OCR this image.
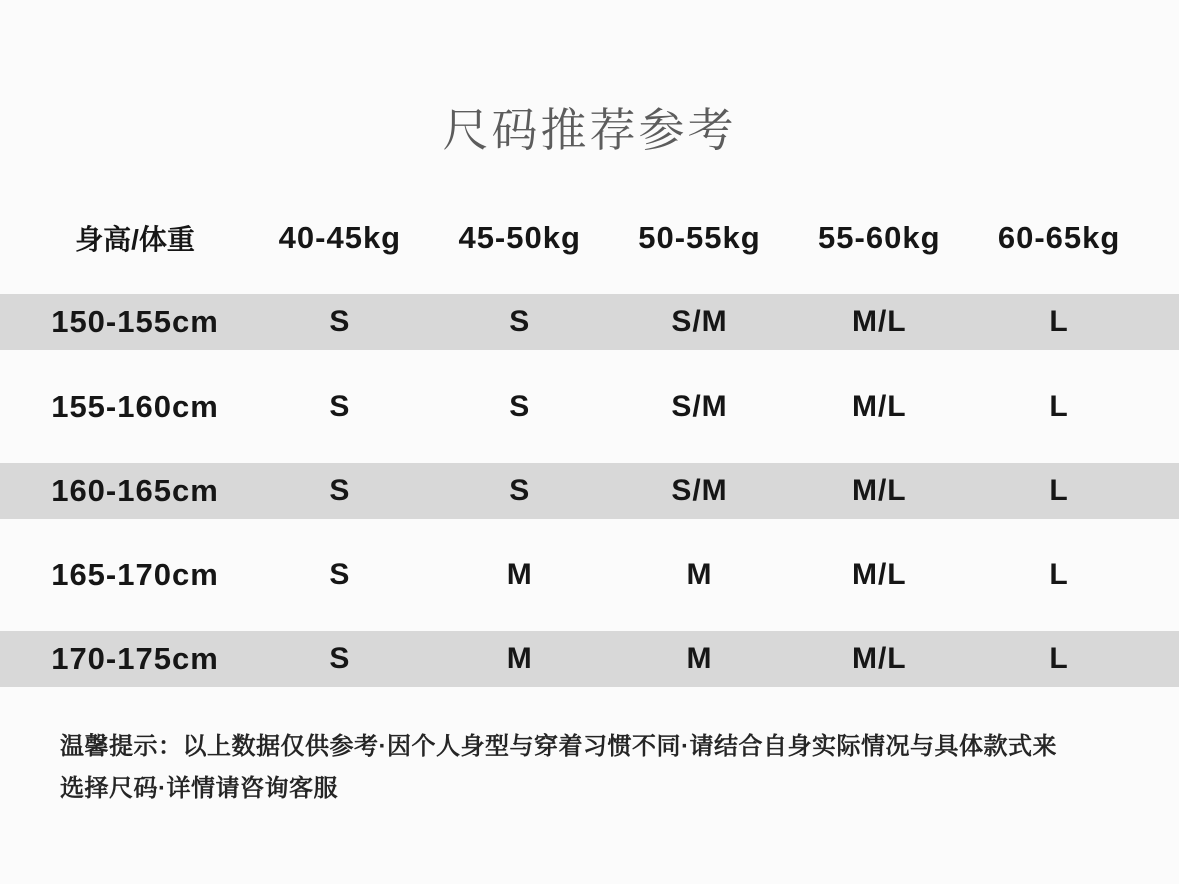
尺码推荐参考
身高/体重	40-45kg	45-50kg	50-55kg	55-60kg	60-65kg
150-155cm	S	S	S/M	M/L	L
155-160cm	S	S	S/M	M/L	L
160-165cm	S	S	S/M	M/L	L
165-170cm	S	M	M	M/L	L
170-175cm	S	M	M	M/L	L
温馨提示：以上数据仅供参考·因个人身型与穿着习惯不同·请结合自身实际情况与具体款式来
选择尺码·详情请咨询客服
